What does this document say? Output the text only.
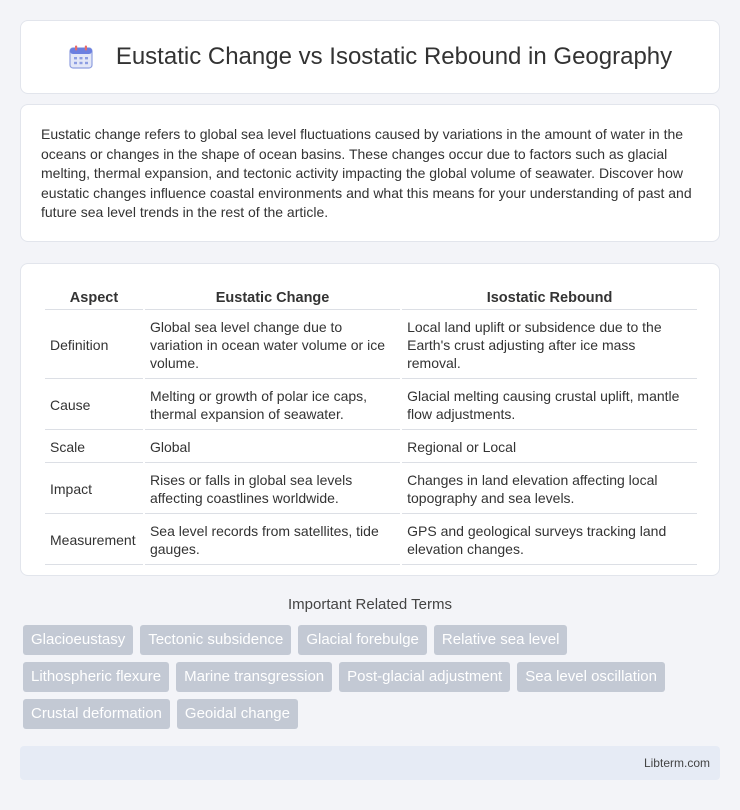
Eustatic Change vs Isostatic Rebound in Geography

Eustatic change refers to global sea level fluctuations caused by variations in the amount of water in the oceans or changes in the shape of ocean basins. These changes occur due to factors such as glacial melting, thermal expansion, and tectonic activity impacting the global volume of seawater. Discover how eustatic changes influence coastal environments and what this means for your understanding of past and future sea level trends in the rest of the article.

Aspect	Eustatic Change	Isostatic Rebound
Definition	Global sea level change due to variation in ocean water volume or ice volume.	Local land uplift or subsidence due to the Earth's crust adjusting after ice mass removal.
Cause	Melting or growth of polar ice caps, thermal expansion of seawater.	Glacial melting causing crustal uplift, mantle flow adjustments.
Scale	Global	Regional or Local
Impact	Rises or falls in global sea levels affecting coastlines worldwide.	Changes in land elevation affecting local topography and sea levels.
Measurement	Sea level records from satellites, tide gauges.	GPS and geological surveys tracking land elevation changes.
Important Related Terms
Glacioeustasy	Tectonic subsidence	Glacial forebulge	Relative sea level
Lithospheric flexure	Marine transgression	Post-glacial adjustment	Sea level oscillation
Crustal deformation	Geoidal change
Libterm.com
